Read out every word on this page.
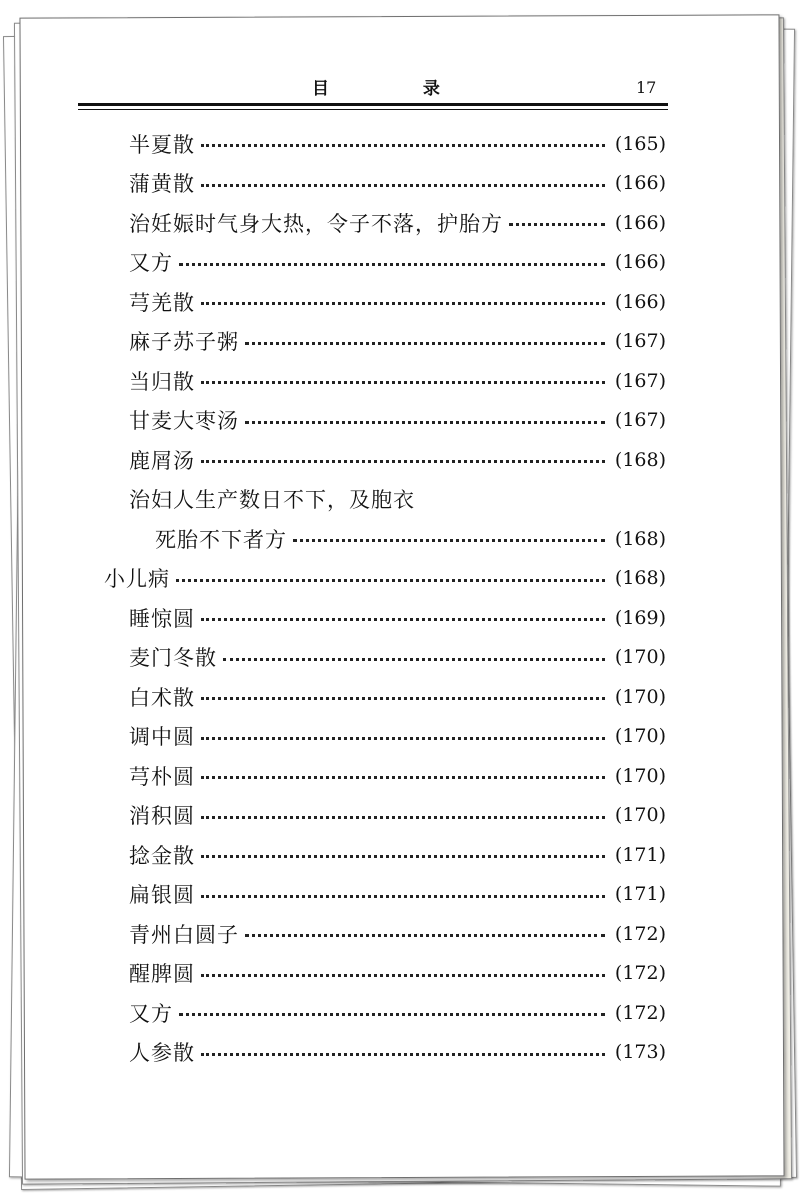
目 录	17
半夏散	(165)
蒲黄散	(166)
治妊娠时气身大热，令子不落，护胎方	(166)
又方	(166)
芎羌散	(166)
麻子苏子粥	(167)
当归散	(167)
甘麦大枣汤	(167)
鹿屑汤	(168)
治妇人生产数日不下，及胞衣
死胎不下者方	(168)
小儿病	(168)
睡惊圆	(169)
麦门冬散	(170)
白术散	(170)
调中圆	(170)
芎朴圆	(170)
消积圆	(170)
捻金散	(171)
扁银圆	(171)
青州白圆子	(172)
醒脾圆	(172)
又方	(172)
人参散	(173)
